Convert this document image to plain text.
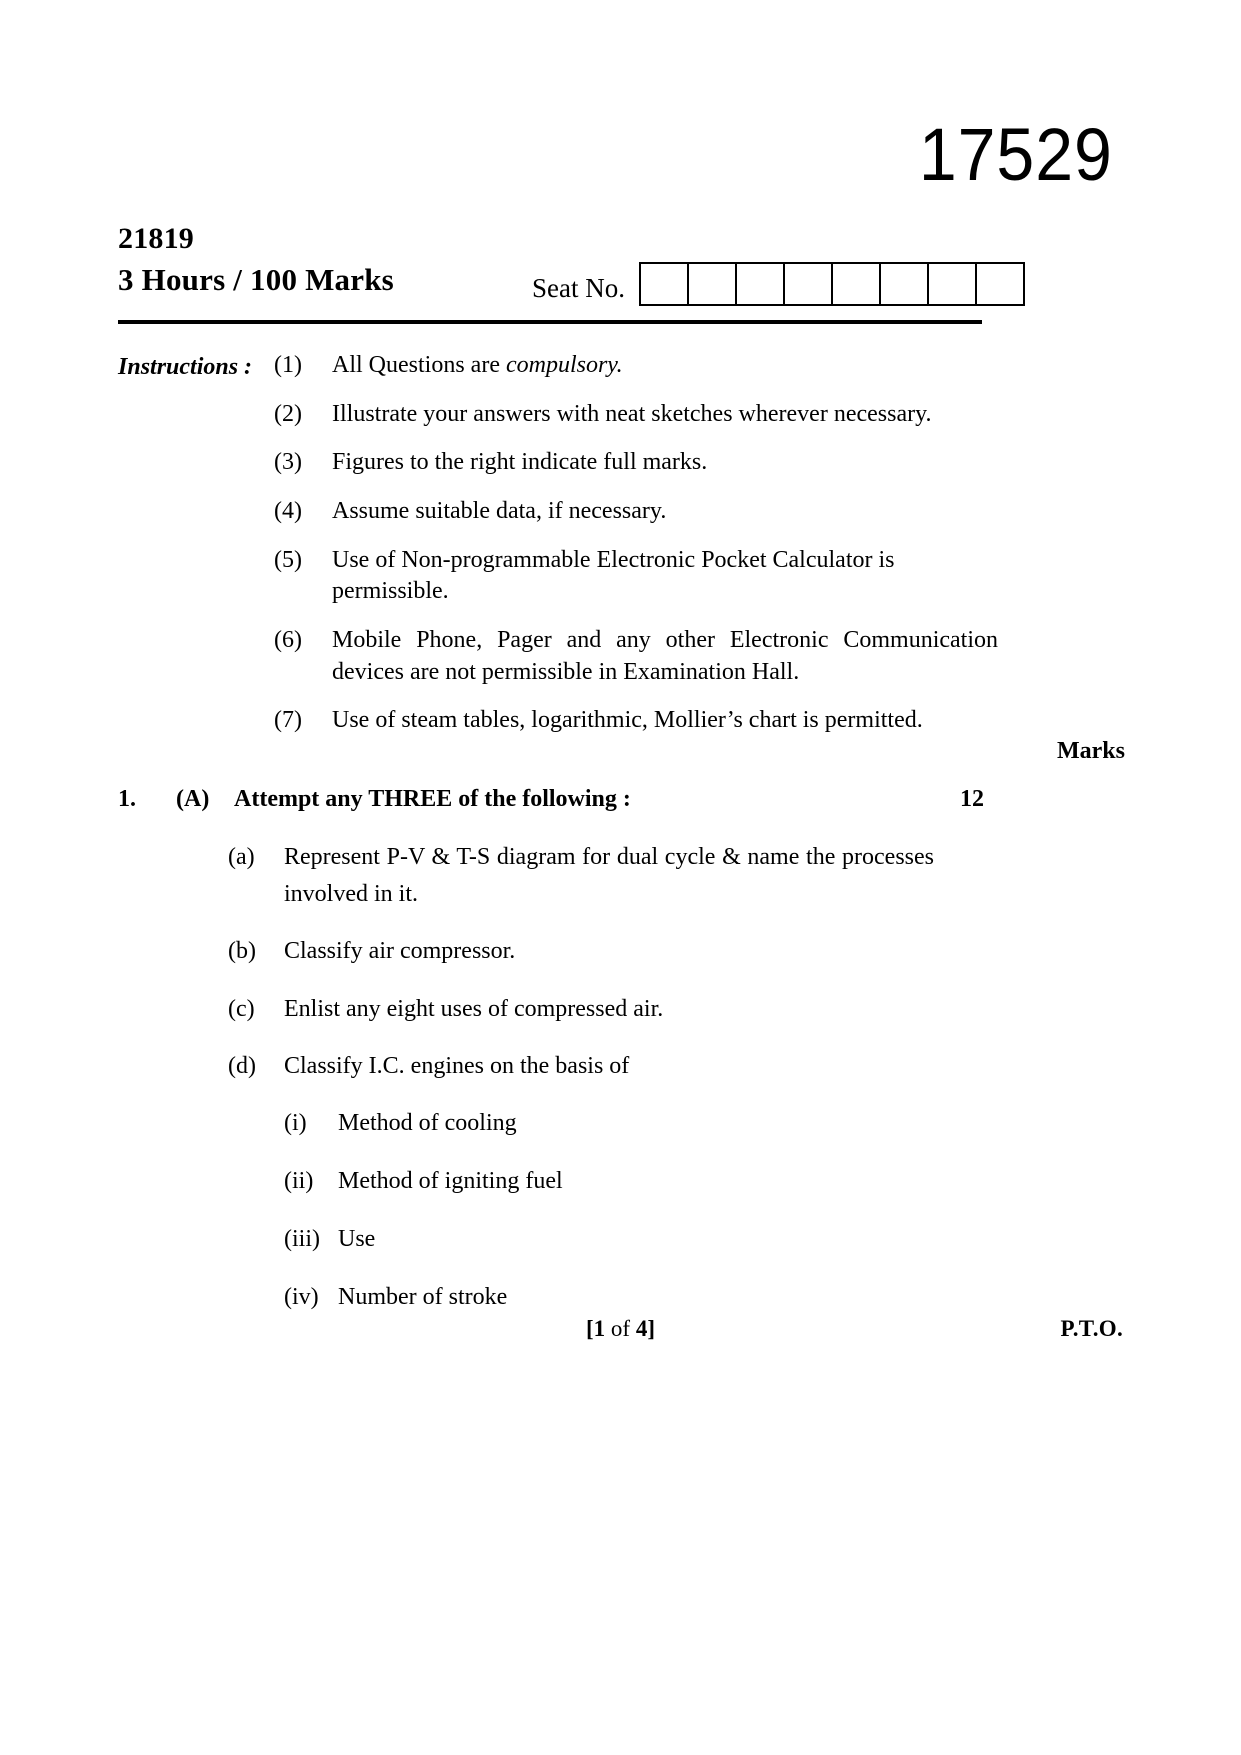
17529
21819
3 Hours / 100 Marks	Seat No.
Instructions : (1)	All Questions are compulsory.
(2)	Illustrate your answers with neat sketches wherever necessary.
(3)	Figures to the right indicate full marks.
(4)	Assume suitable data, if necessary.
(5)	Use of Non-programmable Electronic Pocket Calculator is permissible.
(6)	Mobile Phone, Pager and any other Electronic Communication devices are not permissible in Examination Hall.
(7)	Use of steam tables, logarithmic, Mollier’s chart is permitted.
Marks
1.	(A)	Attempt any THREE of the following :	12
(a)	Represent P-V & T-S diagram for dual cycle & name the processes involved in it.
(b)	Classify air compressor.
(c)	Enlist any eight uses of compressed air.
(d)	Classify I.C. engines on the basis of
(i)	Method of cooling
(ii)	Method of igniting fuel
(iii) Use
(iv) Number of stroke
[1 of 4]	P.T.O.
